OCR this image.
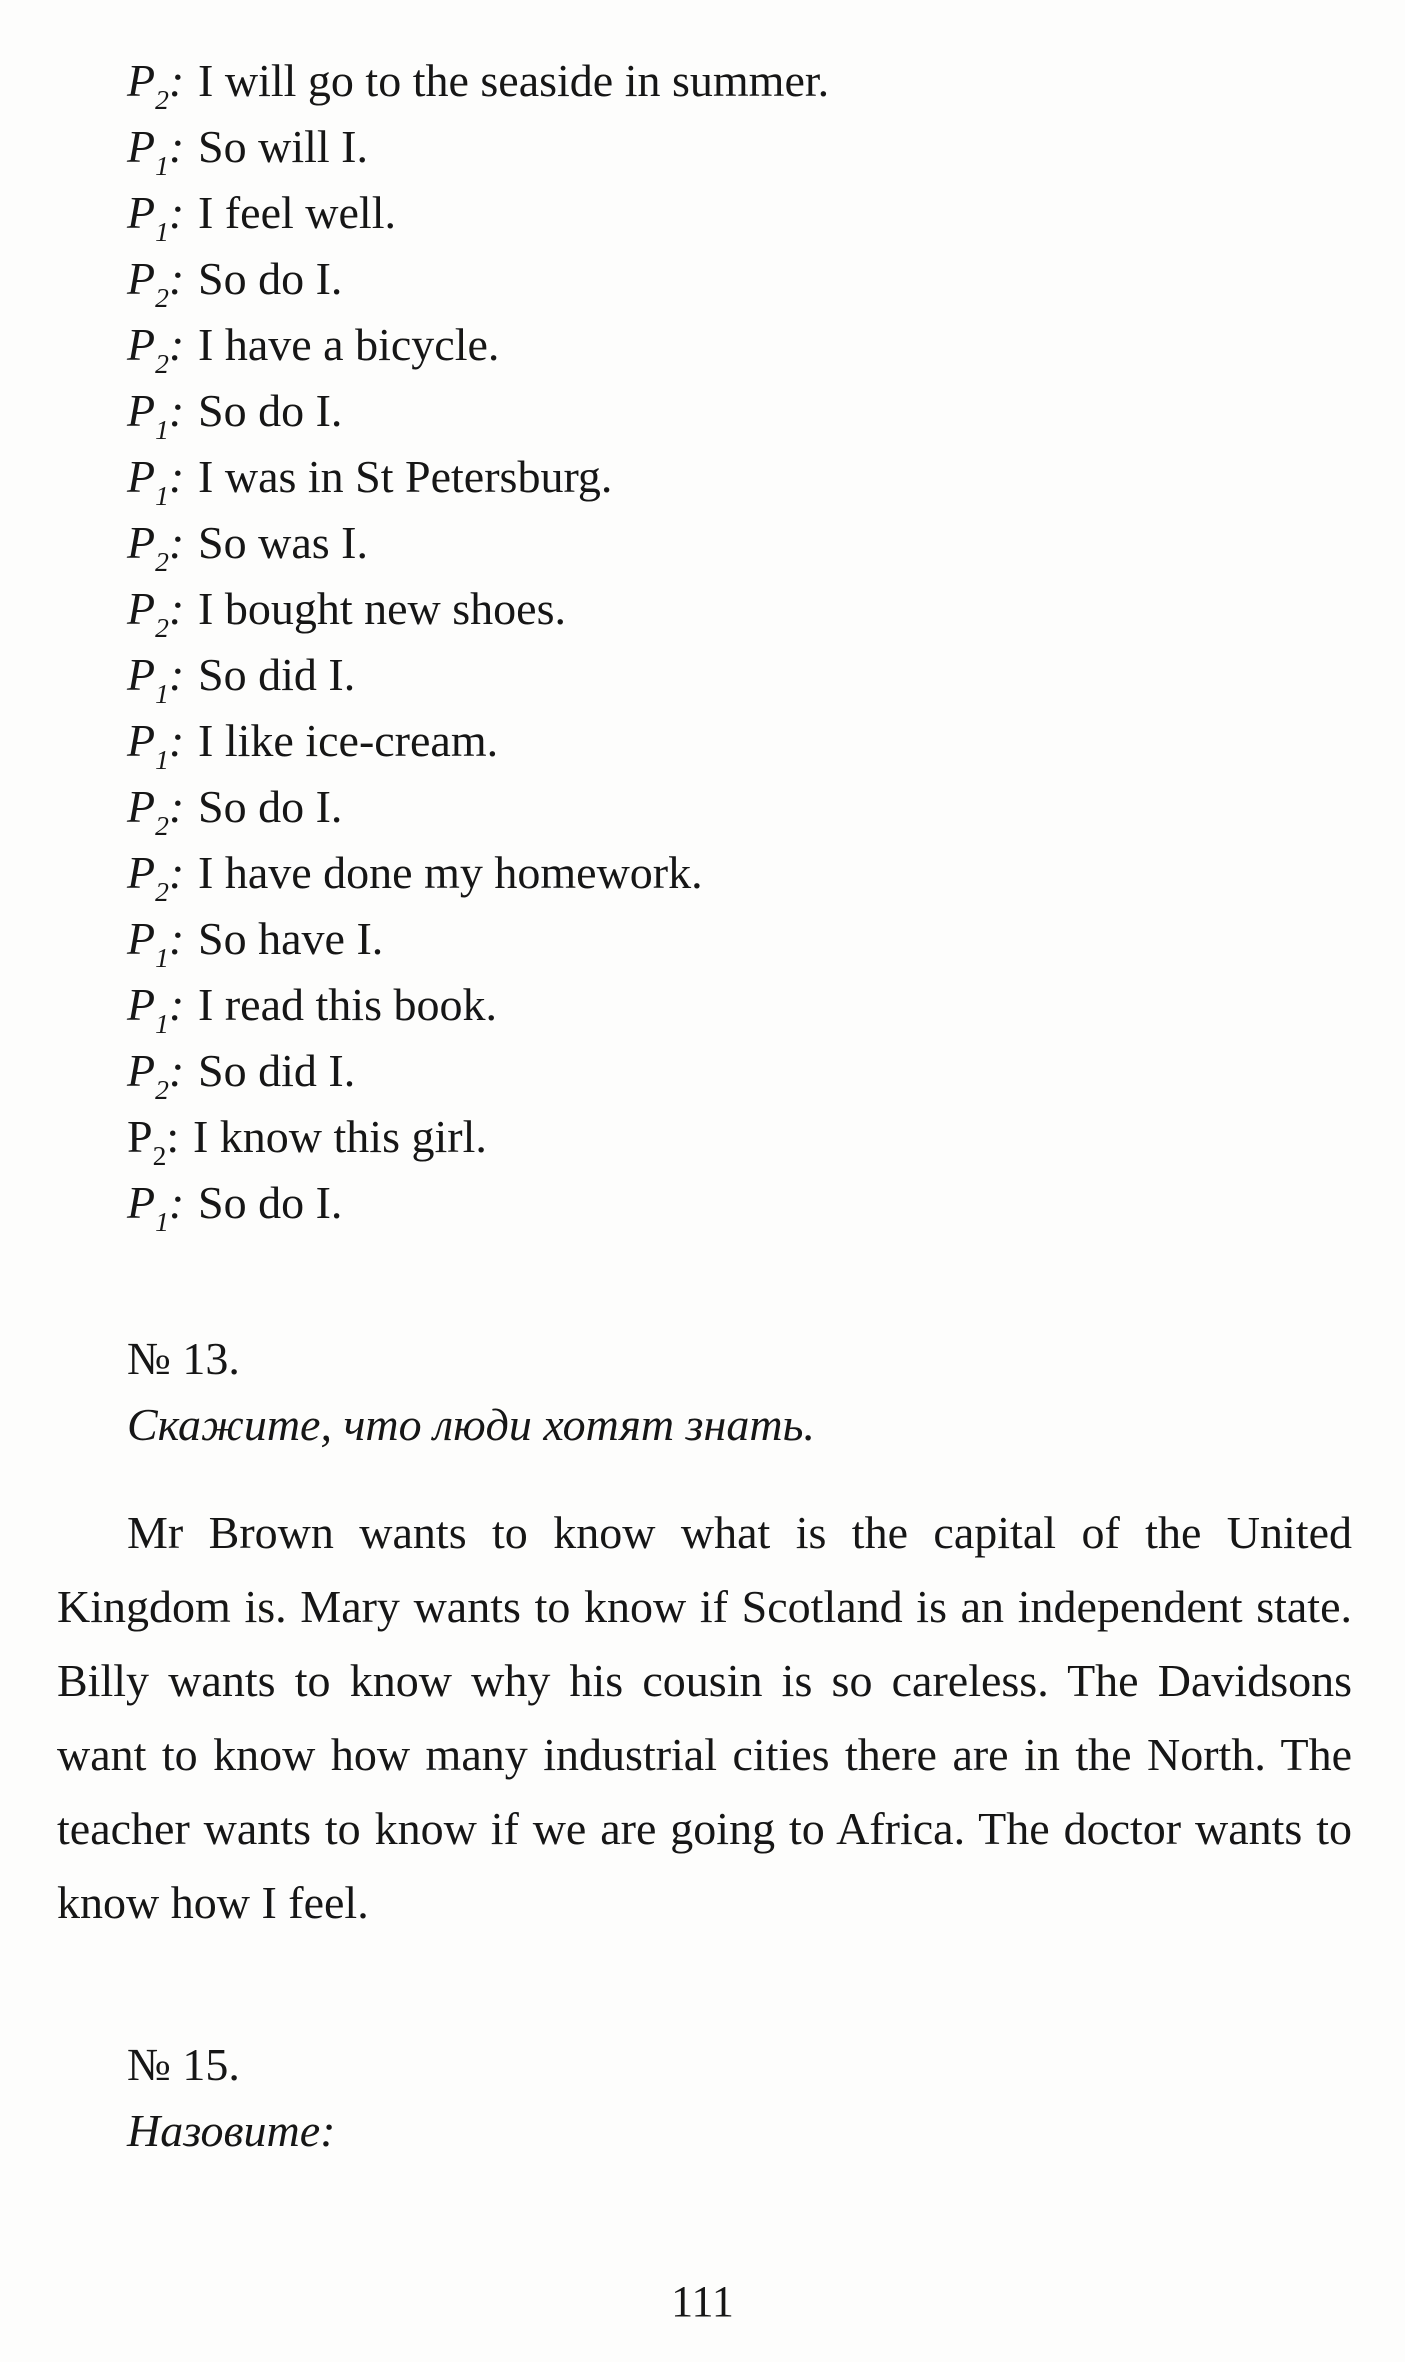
$P_2$: I will go to the seaside in summer.
$P_1$: So will I.
$P_1$: I feel well.
$P_2$: So do I.
$P_2$: I have a bicycle.
$P_1$: So do I.
$P_1$: I was in St Petersburg.
$P_2$: So was I.
$P_2$: I bought new shoes.
$P_1$: So did I.
$P_1$: I like ice-cream.
$P_2$: So do I.
$P_2$: I have done my homework.
$P_1$: So have I.
$P_1$: I read this book.
$P_2$: So did I.
$P_2$: I know this girl.
$P_1$: So do I.
№ 13.
Скажите, что люди хотят знать.

Mr Brown wants to know what is the capital of the United Kingdom is. Mary wants to know if Scotland is an independent state. Billy wants to know why his cousin is so careless. The Davidsons want to know how many industrial cities there are in the North. The teacher wants to know if we are going to Africa. The doctor wants to know how I feel.

№ 15.
Назовите:
111
